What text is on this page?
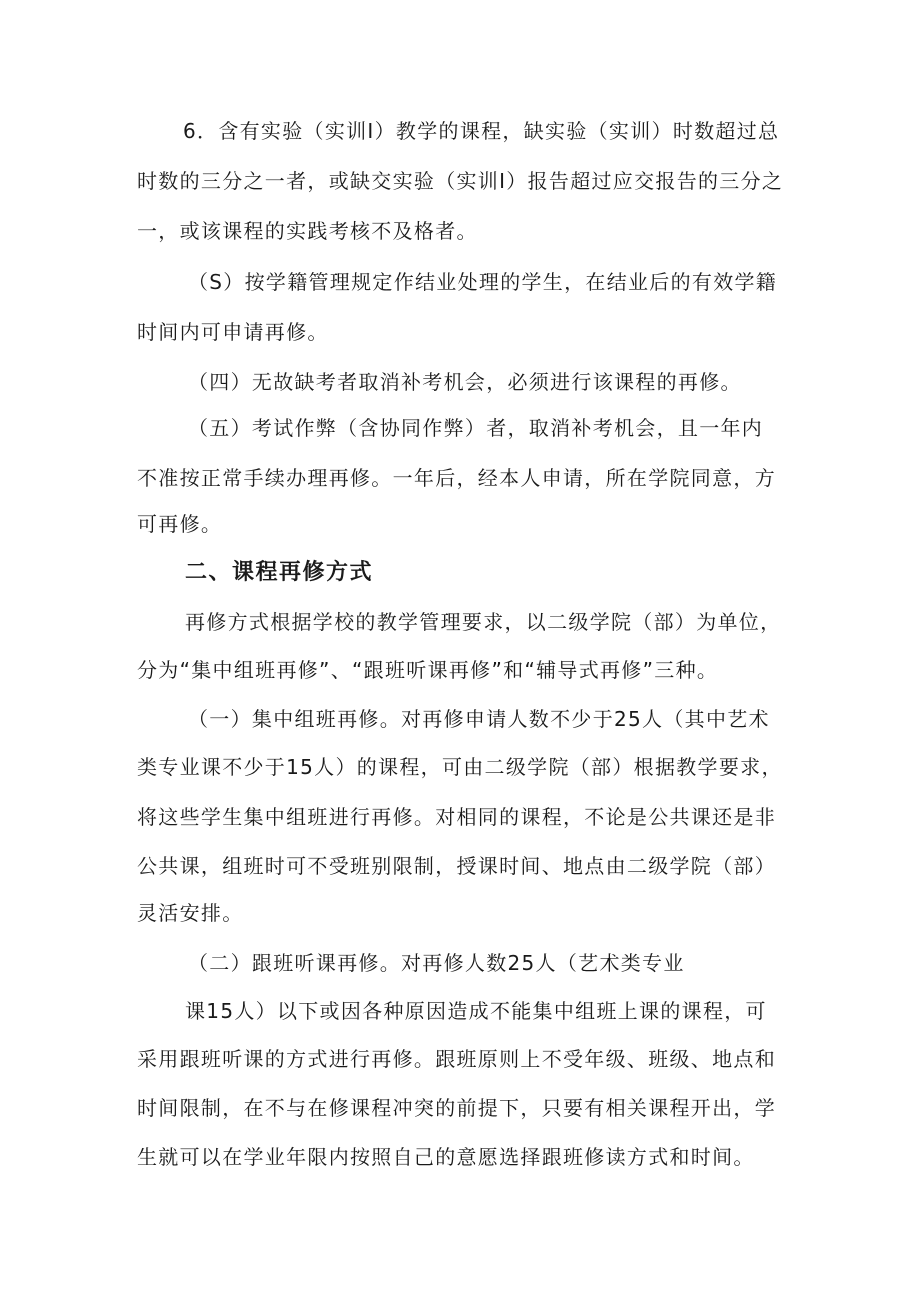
6．含有实验（实训Ⅰ）教学的课程，缺实验（实训）时数超过总
时数的三分之一者，或缺交实验（实训Ⅰ）报告超过应交报告的三分之
一，或该课程的实践考核不及格者。
（S）按学籍管理规定作结业处理的学生，在结业后的有效学籍
时间内可申请再修。
（四）无故缺考者取消补考机会，必须进行该课程的再修。
（五）考试作弊（含协同作弊）者，取消补考机会，且一年内
不准按正常手续办理再修。一年后，经本人申请，所在学院同意，方
可再修。
二、课程再修方式
再修方式根据学校的教学管理要求，以二级学院（部）为单位，
分为“集中组班再修”、“跟班听课再修”和“辅导式再修”三种。
（一）集中组班再修。对再修申请人数不少于25人（其中艺术
类专业课不少于15人）的课程，可由二级学院（部）根据教学要求，
将这些学生集中组班进行再修。对相同的课程，不论是公共课还是非
公共课，组班时可不受班别限制，授课时间、地点由二级学院（部）
灵活安排。
（二）跟班听课再修。对再修人数25人（艺术类专业
课15人）以下或因各种原因造成不能集中组班上课的课程，可
采用跟班听课的方式进行再修。跟班原则上不受年级、班级、地点和
时间限制，在不与在修课程冲突的前提下，只要有相关课程开出，学
生就可以在学业年限内按照自己的意愿选择跟班修读方式和时间。
